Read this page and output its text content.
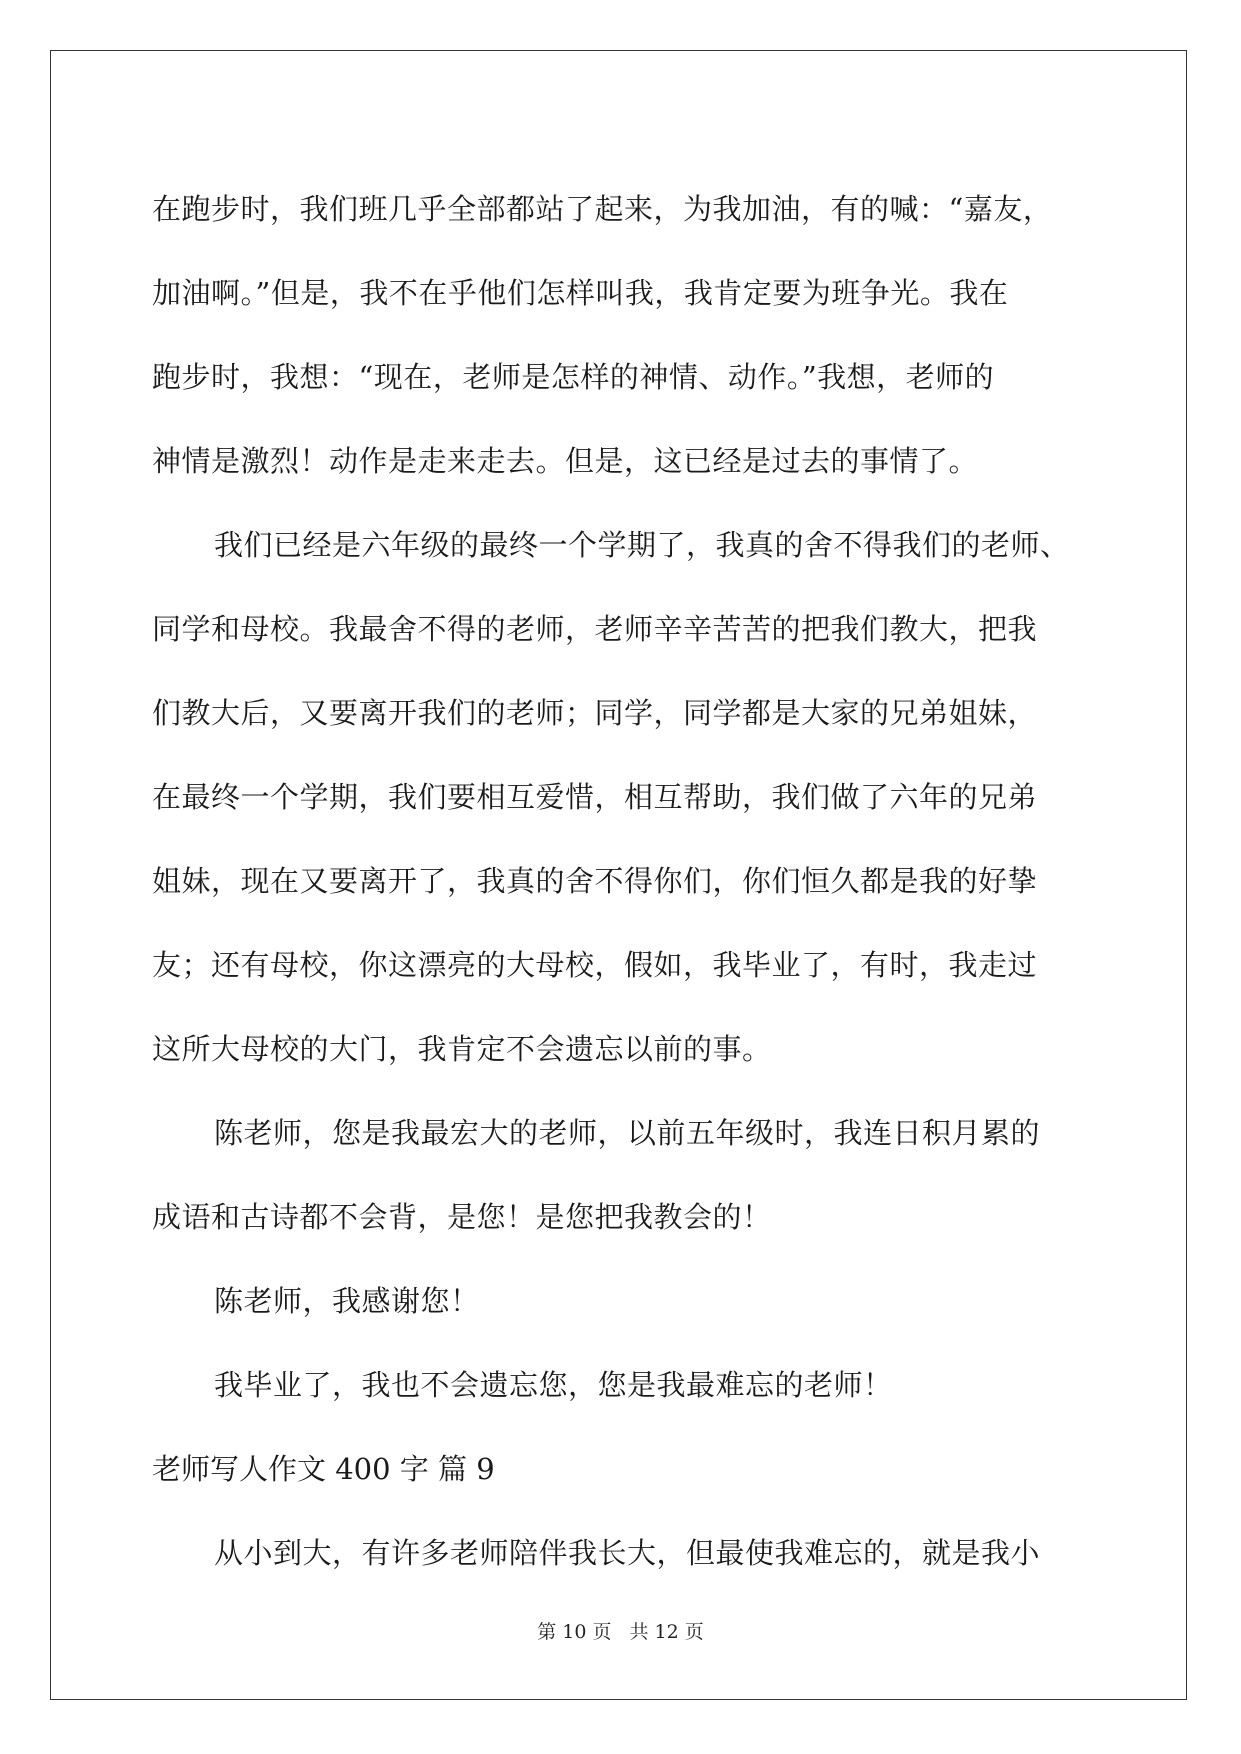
在跑步时，我们班几乎全部都站了起来，为我加油，有的喊：“嘉友，
加油啊。”但是，我不在乎他们怎样叫我，我肯定要为班争光。我在
跑步时，我想：“现在，老师是怎样的神情、动作。”我想，老师的
神情是激烈！动作是走来走去。但是，这已经是过去的事情了。
我们已经是六年级的最终一个学期了，我真的舍不得我们的老师、
同学和母校。我最舍不得的老师，老师辛辛苦苦的把我们教大，把我
们教大后，又要离开我们的老师；同学，同学都是大家的兄弟姐妹，
在最终一个学期，我们要相互爱惜，相互帮助，我们做了六年的兄弟
姐妹，现在又要离开了，我真的舍不得你们，你们恒久都是我的好挚
友；还有母校，你这漂亮的大母校，假如，我毕业了，有时，我走过
这所大母校的大门，我肯定不会遗忘以前的事。
陈老师，您是我最宏大的老师，以前五年级时，我连日积月累的
成语和古诗都不会背，是您！是您把我教会的！
陈老师，我感谢您！
我毕业了，我也不会遗忘您，您是我最难忘的老师！
老师写人作文 400 字 篇 9
从小到大，有许多老师陪伴我长大，但最使我难忘的，就是我小
第 10 页 共 12 页
